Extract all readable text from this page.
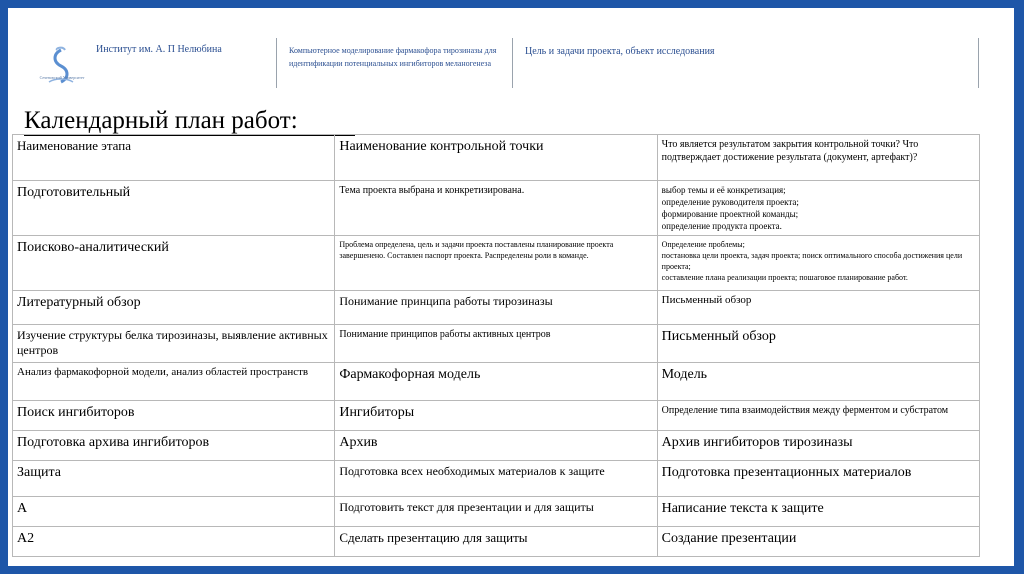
Сеченовский Университет
Институт им. А. П Нелюбина	Компьютерное моделирование фармакофора тирозиназы для идентификации потенциальных ингибиторов меланогенеза
Цель и задачи проекта, объект исследования
Календарный план работ:
Наименование этапа	Наименование контрольной точки	Что является результатом закрытия контрольной точки? Что подтверждает достижение результата (документ, артефакт)?
Подготовительный	Тема проекта выбрана и конкретизирована.	выбор темы и её конкретизация;
определение руководителя проекта;
формирование проектной команды;
определение продукта проекта.
Поисково-аналитический	Проблема определена, цель и задачи проекта поставлены планирование проекта завершенено. Составлен паспорт проекта. Распределены роли в команде.	Определение проблемы;
постановка цели проекта, задач проекта; поиск оптимального способа достижения цели проекта;
составление плана реализации проекта; пошаговое планирование работ.
Литературный обзор	Понимание принципа работы тирозиназы	Письменный обзор
Изучение структуры белка тирозиназы, выявление активных центров	Понимание принципов работы активных центров	Письменный обзор
Анализ фармакофорной модели, анализ областей пространств	Фармакофорная модель	Модель
Поиск ингибиторов	Ингибиторы	Определение типа взаимодействия между ферментом и субстратом
Подготовка архива ингибиторов	Архив	Архив ингибиторов тирозиназы
Защита	Подготовка всех необходимых материалов к защите	Подготовка презентационных материалов
А	Подготовить текст для презентации и для защиты	Написание текста к защите
А2	Сделать презентацию для защиты	Создание презентации
